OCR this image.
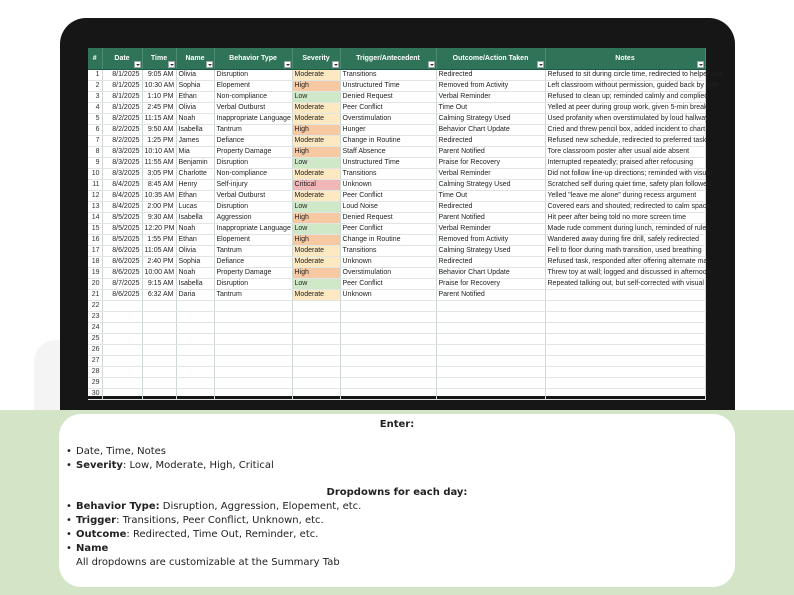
#	Date	Time	Name	Behavior Type	Severity	Trigger/Antecedent	Outcome/Action Taken	Notes

1	8/1/2025	9:05 AM	Olivia	Disruption	Moderate	Transitions	Redirected	Refused to sit during circle time, redirected to helper role
2	8/1/2025	10:30 AM	Sophia	Elopement	High	Unstructured Time	Removed from Activity	Left classroom without permission, guided back by aide
3	8/1/2025	1:10 PM	Ethan	Non-compliance	Low	Denied Request	Verbal Reminder	Refused to clean up; reminded calmly and complied
4	8/1/2025	2:45 PM	Olivia	Verbal Outburst	Moderate	Peer Conflict	Time Out	Yelled at peer during group work, given 5-min break
5	8/2/2025	11:15 AM	Noah	Inappropriate Language	Moderate	Overstimulation	Calming Strategy Used	Used profanity when overstimulated by loud hallway
6	8/2/2025	9:50 AM	Isabella	Tantrum	High	Hunger	Behavior Chart Update	Cried and threw pencil box, added incident to chart
7	8/2/2025	1:25 PM	James	Defiance	Moderate	Change in Routine	Redirected	Refused new schedule, redirected to preferred task
8	8/3/2025	10:10 AM	Mia	Property Damage	High	Staff Absence	Parent Notified	Tore classroom poster after usual aide absent
9	8/3/2025	11:55 AM	Benjamin	Disruption	Low	Unstructured Time	Praise for Recovery	Interrupted repeatedly; praised after refocusing
10	8/3/2025	3:05 PM	Charlotte	Non-compliance	Moderate	Transitions	Verbal Reminder	Did not follow line-up directions; reminded with visual
11	8/4/2025	8:45 AM	Henry	Self-injury	Critical	Unknown	Calming Strategy Used	Scratched self during quiet time, safety plan followed
12	8/4/2025	10:35 AM	Ethan	Verbal Outburst	Moderate	Peer Conflict	Time Out	Yelled "leave me alone" during recess argument
13	8/4/2025	2:00 PM	Lucas	Disruption	Low	Loud Noise	Redirected	Covered ears and shouted; redirected to calm space
14	8/5/2025	9:30 AM	Isabella	Aggression	High	Denied Request	Parent Notified	Hit peer after being told no more screen time
15	8/5/2025	12:20 PM	Noah	Inappropriate Language	Low	Peer Conflict	Verbal Reminder	Made rude comment during lunch, reminded of rules
16	8/5/2025	1:55 PM	Ethan	Elopement	High	Change in Routine	Removed from Activity	Wandered away during fire drill, safely redirected
17	8/6/2025	11:05 AM	Olivia	Tantrum	Moderate	Transitions	Calming Strategy Used	Fell to floor during math transition, used breathing
18	8/6/2025	2:40 PM	Sophia	Defiance	Moderate	Unknown	Redirected	Refused task, responded after offering alternate mat
19	8/6/2025	10:00 AM	Noah	Property Damage	High	Overstimulation	Behavior Chart Update	Threw toy at wall; logged and discussed in afternoon
20	8/7/2025	9:15 AM	Isabella	Disruption	Low	Peer Conflict	Praise for Recovery	Repeated talking out, but self-corrected with visual
21	8/6/2025	6:32 AM	Daria	Tantrum	Moderate	Unknown	Parent Notified	
22								
23								
24								
25								
26								
27								
28								
29								
30								
Enter:
• Date, Time, Notes
• Severity: Low, Moderate, High, Critical
Dropdowns for each day:
• Behavior Type: Disruption, Aggression, Elopement, etc.
• Trigger: Transitions, Peer Conflict, Unknown, etc.
• Outcome: Redirected, Time Out, Reminder, etc.
• Name
All dropdowns are customizable at the Summary Tab
